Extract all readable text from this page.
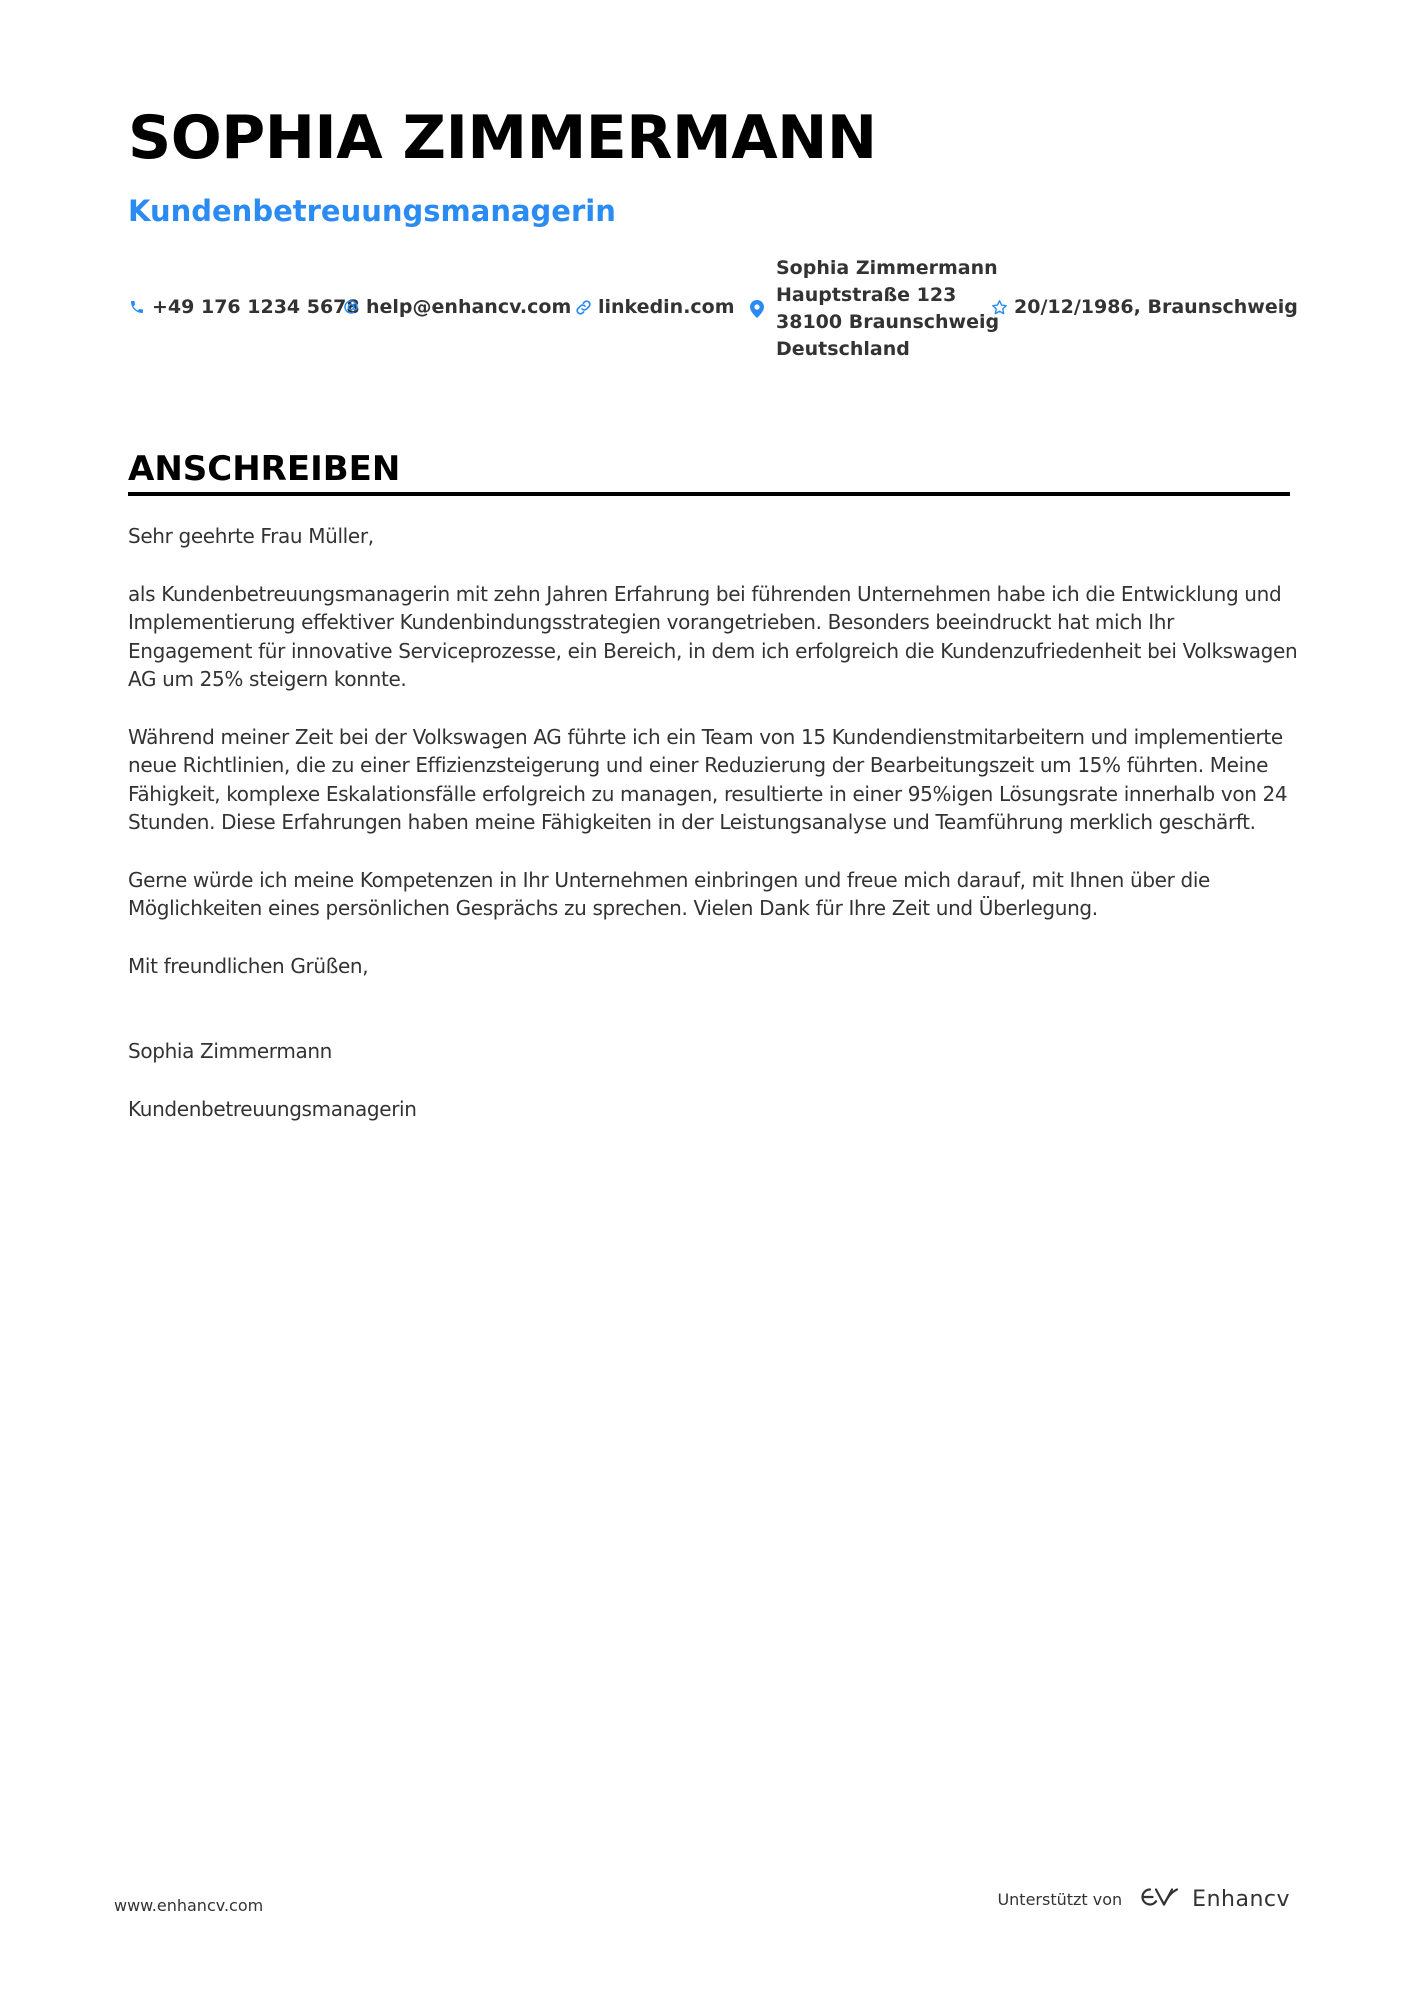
SOPHIA ZIMMERMANN
Kundenbetreuungsmanagerin
+49 176 1234 5678 help@enhancv.com linkedin.com
Sophia Zimmermann
Hauptstraße 123
38100 Braunschweig
Deutschland
20/12/1986, Braunschweig
ANSCHREIBEN

Sehr geehrte Frau Müller,

als Kundenbetreuungsmanagerin mit zehn Jahren Erfahrung bei führenden Unternehmen habe ich die Entwicklung und Implementierung effektiver Kundenbindungsstrategien vorangetrieben. Besonders beeindruckt hat mich Ihr Engagement für innovative Serviceprozesse, ein Bereich, in dem ich erfolgreich die Kundenzufriedenheit bei Volkswagen AG um 25% steigern konnte.

Während meiner Zeit bei der Volkswagen AG führte ich ein Team von 15 Kundendienstmitarbeitern und implementierte neue Richtlinien, die zu einer Effizienzsteigerung und einer Reduzierung der Bearbeitungszeit um 15% führten. Meine Fähigkeit, komplexe Eskalationsfälle erfolgreich zu managen, resultierte in einer 95%igen Lösungsrate innerhalb von 24 Stunden. Diese Erfahrungen haben meine Fähigkeiten in der Leistungsanalyse und Teamführung merklich geschärft.

Gerne würde ich meine Kompetenzen in Ihr Unternehmen einbringen und freue mich darauf, mit Ihnen über die Möglichkeiten eines persönlichen Gesprächs zu sprechen. Vielen Dank für Ihre Zeit und Überlegung.

Mit freundlichen Grüßen,

Sophia Zimmermann

Kundenbetreuungsmanagerin

www.enhancv.com	Unterstützt von	Enhancv
